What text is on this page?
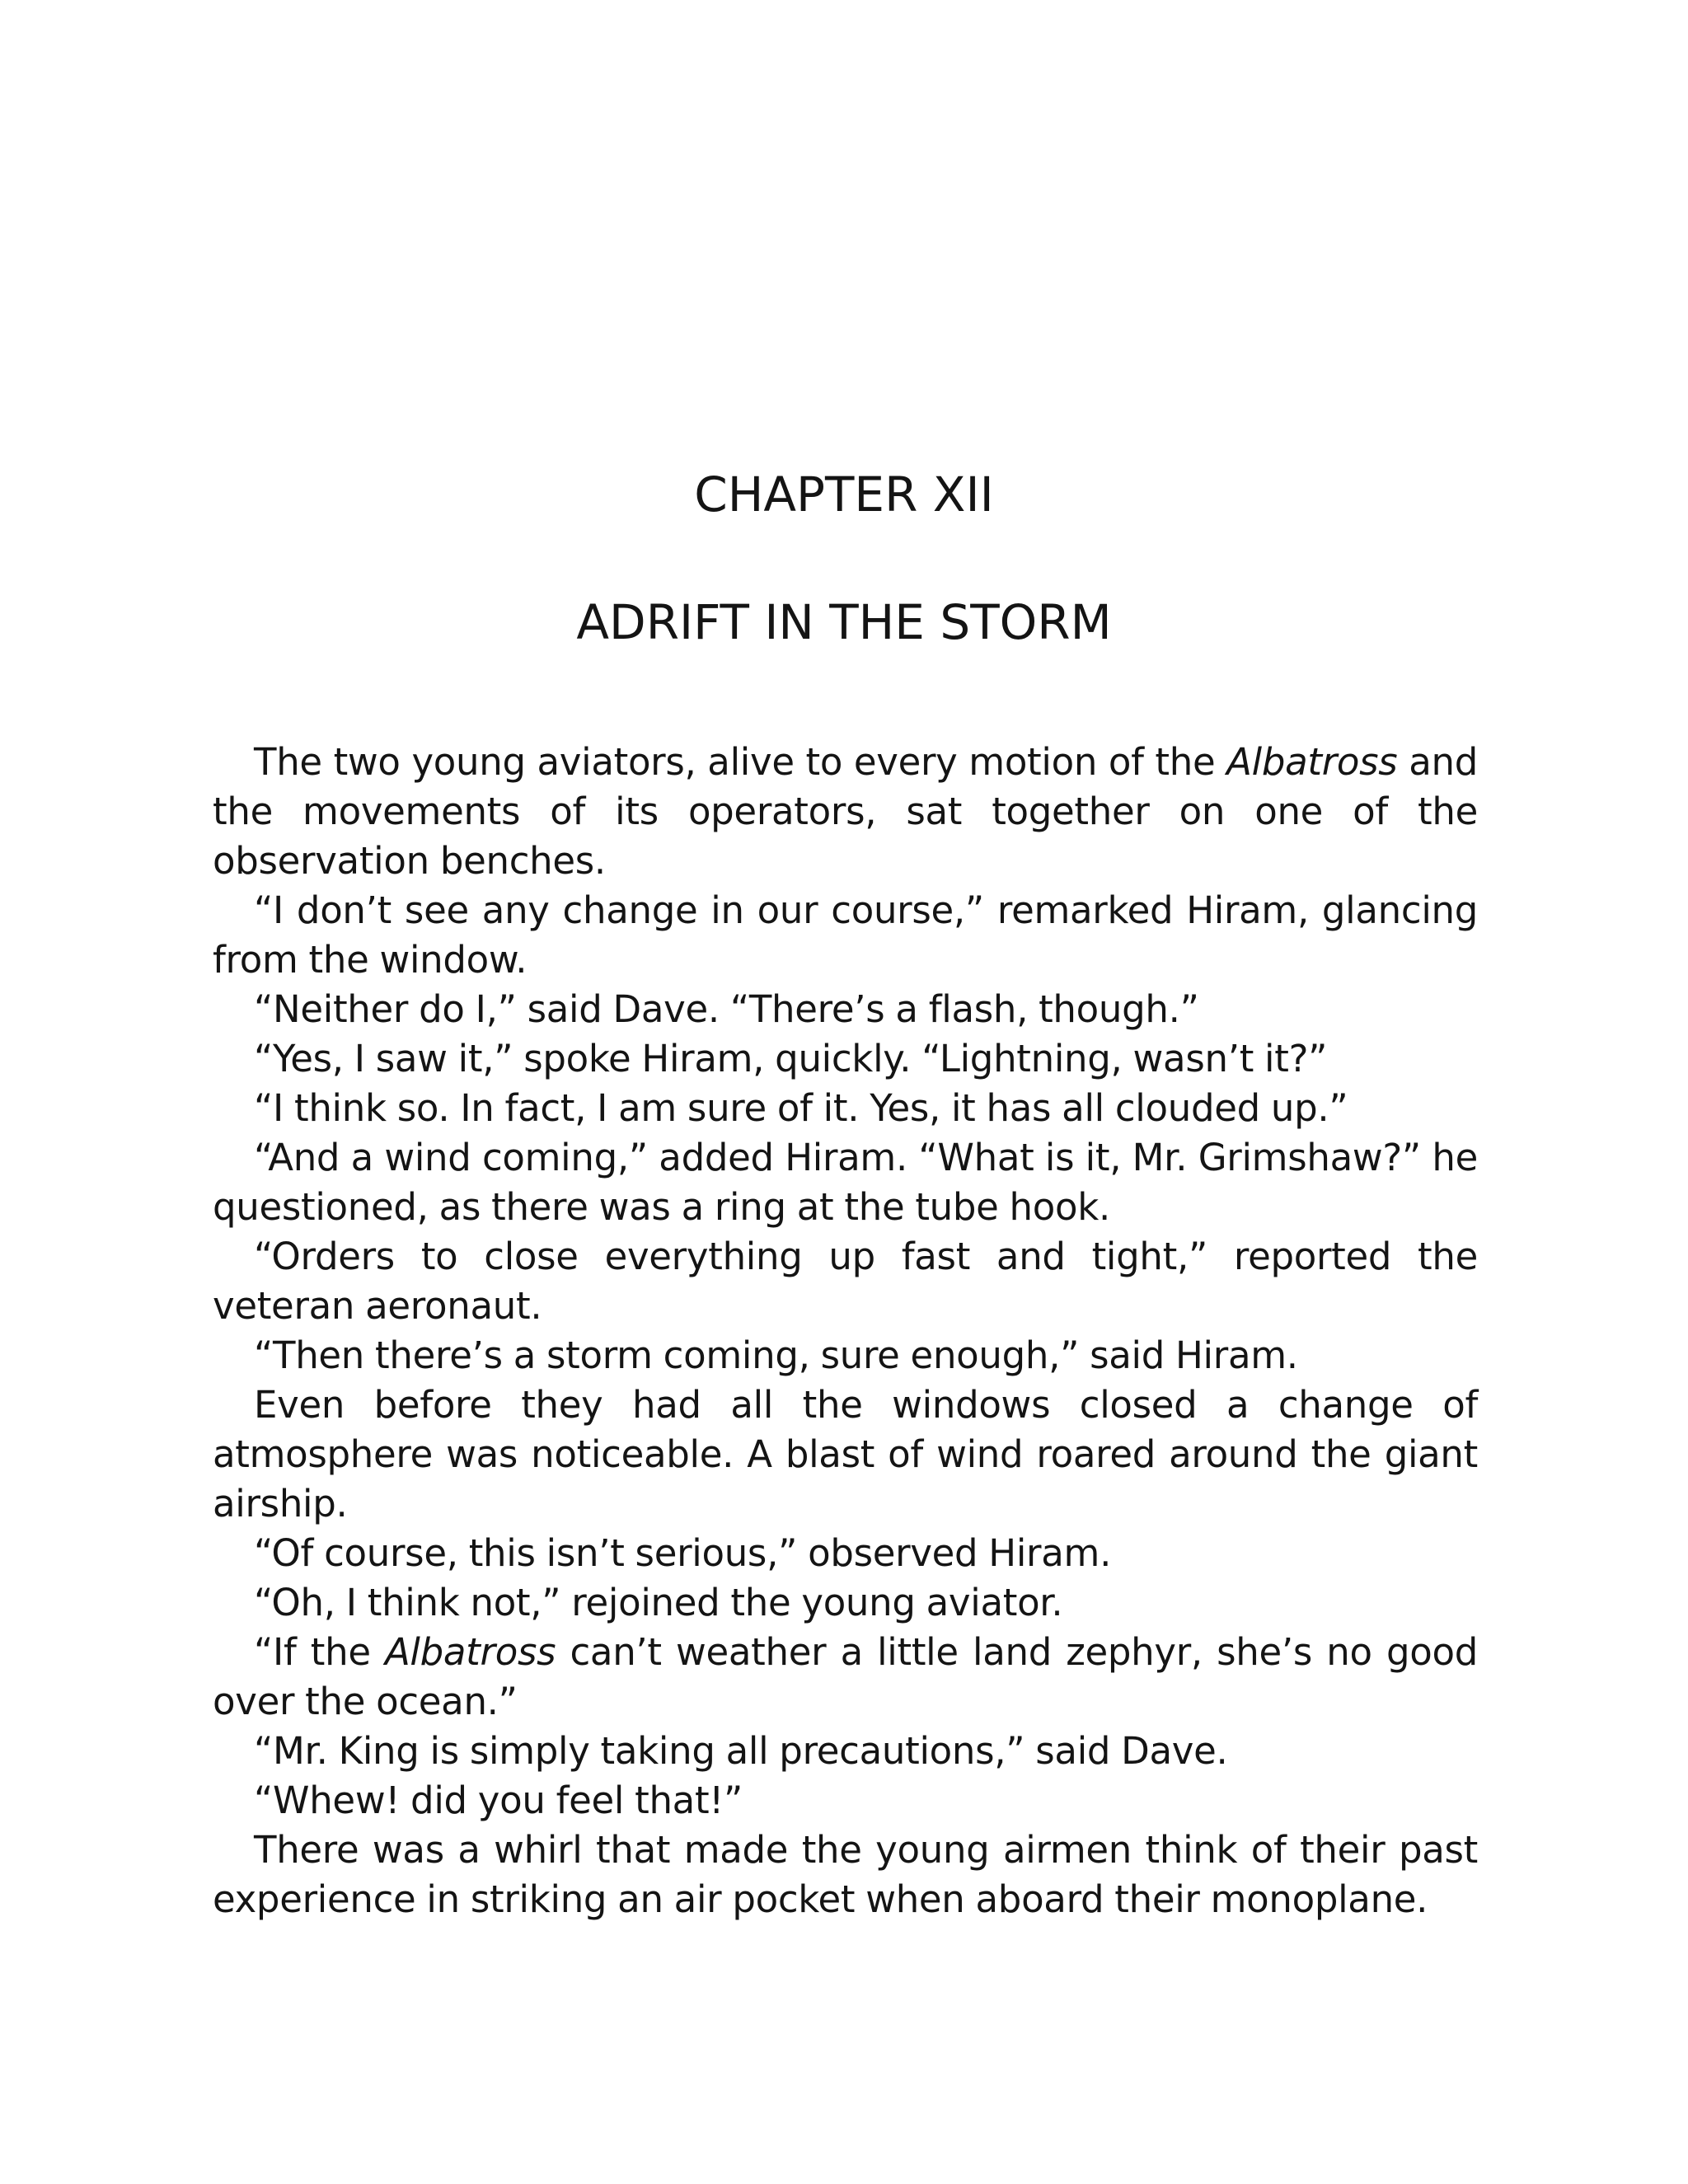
CHAPTER XII
ADRIFT IN THE STORM

The two young aviators, alive to every motion of the Albatross and the movements of its operators, sat together on one of the observation benches.

“I don’t see any change in our course,” remarked Hiram, glancing from the window.

“Neither do I,” said Dave. “There’s a flash, though.”

“Yes, I saw it,” spoke Hiram, quickly. “Lightning, wasn’t it?”

“I think so. In fact, I am sure of it. Yes, it has all clouded up.”

“And a wind coming,” added Hiram. “What is it, Mr. Grimshaw?” he questioned, as there was a ring at the tube hook.

“Orders to close everything up fast and tight,” reported the veteran aeronaut.

“Then there’s a storm coming, sure enough,” said Hiram.

Even before they had all the windows closed a change of atmosphere was noticeable. A blast of wind roared around the giant airship.

“Of course, this isn’t serious,” observed Hiram.

“Oh, I think not,” rejoined the young aviator.

“If the Albatross can’t weather a little land zephyr, she’s no good over the ocean.”

“Mr. King is simply taking all precautions,” said Dave.

“Whew! did you feel that!”

There was a whirl that made the young airmen think of their past experience in striking an air pocket when aboard their monoplane.
